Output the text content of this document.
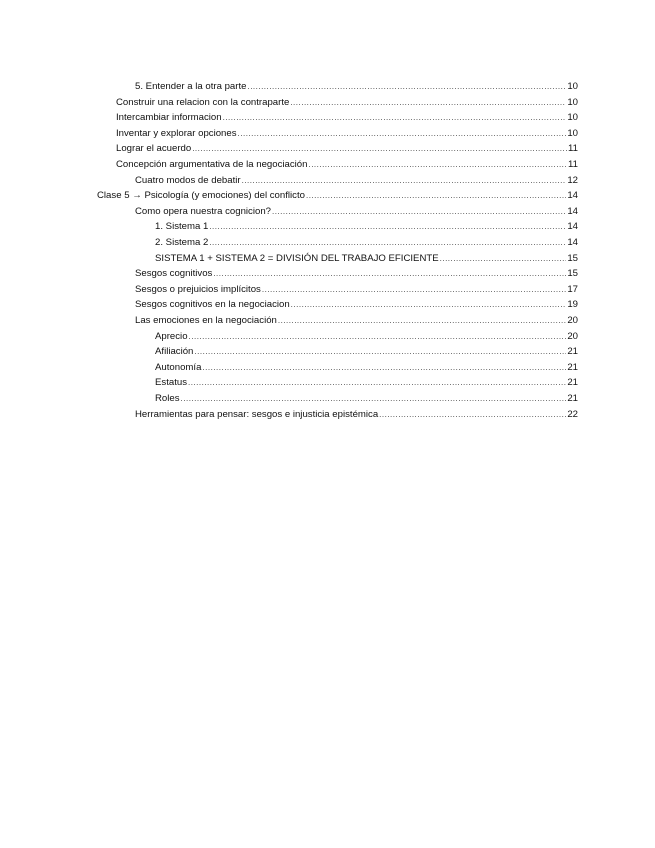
5. Entender a la otra parte .....	10
Construir una relacion con la contraparte .....	10
Intercambiar informacion .....	10
Inventar y explorar opciones .....	10
Lograr el acuerdo .....	11
Concepción argumentativa de la negociación .....	11
Cuatro modos de debatir .....	12
Clase 5 → Psicología (y emociones) del conflicto .....	14
Como opera nuestra cognicion? .....	14
1. Sistema 1 .....	14
2. Sistema 2 .....	14
SISTEMA 1 + SISTEMA 2 = DIVISIÓN DEL TRABAJO EFICIENTE .....	15
Sesgos cognitivos .....	15
Sesgos o prejuicios implícitos .....	17
Sesgos cognitivos en la negociacion .....	19
Las emociones en la negociación .....	20
Aprecio .....	20
Afiliación .....	21
Autonomía .....	21
Estatus .....	21
Roles .....	21
Herramientas para pensar: sesgos e injusticia epistémica .....	22
